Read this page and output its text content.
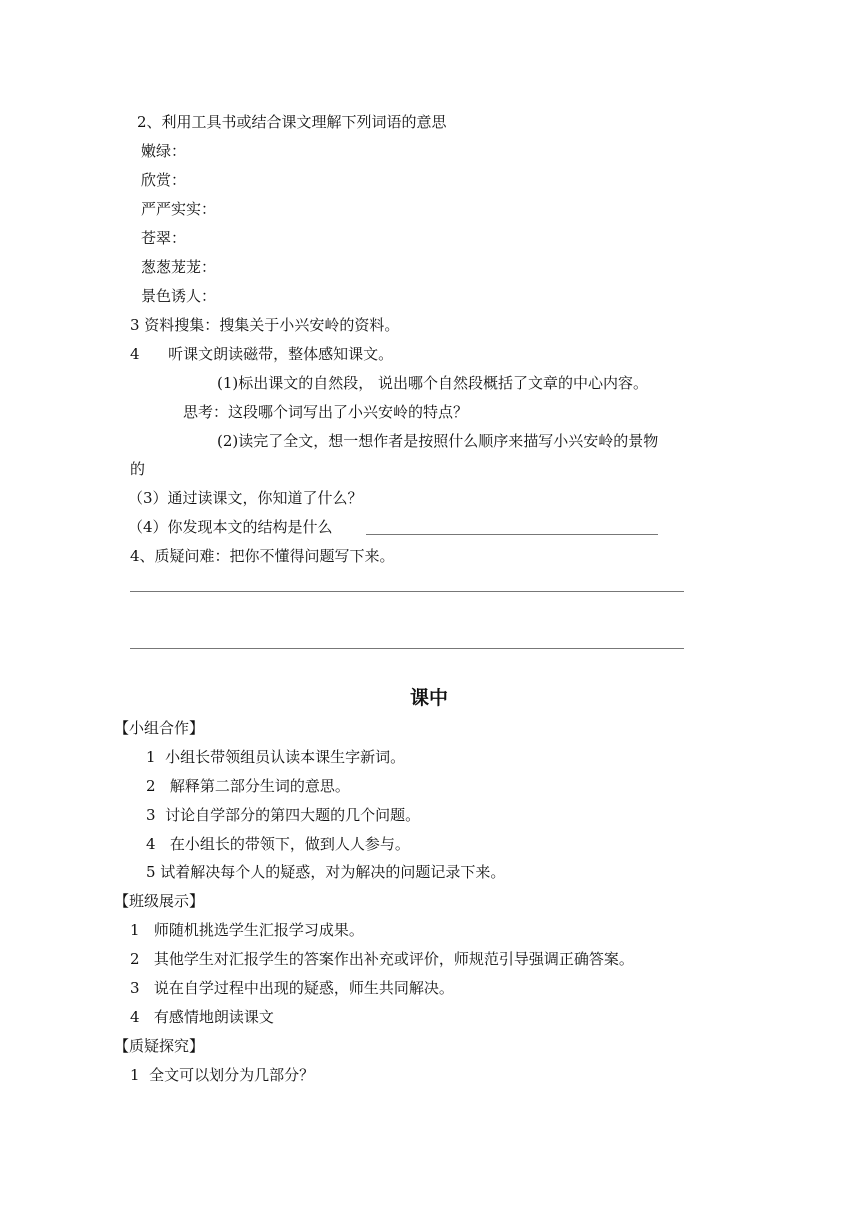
2、利用工具书或结合课文理解下列词语的意思
嫩绿：
欣赏：
严严实实：
苍翠：
葱葱茏茏：
景色诱人：
3 资料搜集：搜集关于小兴安岭的资料。
4      听课文朗读磁带，整体感知课文。
(1)标出课文的自然段， 说出哪个自然段概括了文章的中心内容。
思考：这段哪个词写出了小兴安岭的特点？
(2)读完了全文，想一想作者是按照什么顺序来描写小兴安岭的景物
的
（3）通过读课文，你知道了什么？
（4）你发现本文的结构是什么
4、质疑问难：把你不懂得问题写下来。
课中
【小组合作】
1  小组长带领组员认读本课生字新词。
2   解释第二部分生词的意思。
3  讨论自学部分的第四大题的几个问题。
4   在小组长的带领下，做到人人参与。
5 试着解决每个人的疑惑，对为解决的问题记录下来。
【班级展示】
1   师随机挑选学生汇报学习成果。
2   其他学生对汇报学生的答案作出补充或评价，师规范引导强调正确答案。
3   说在自学过程中出现的疑惑，师生共同解决。
4   有感情地朗读课文
【质疑探究】
1  全文可以划分为几部分？
